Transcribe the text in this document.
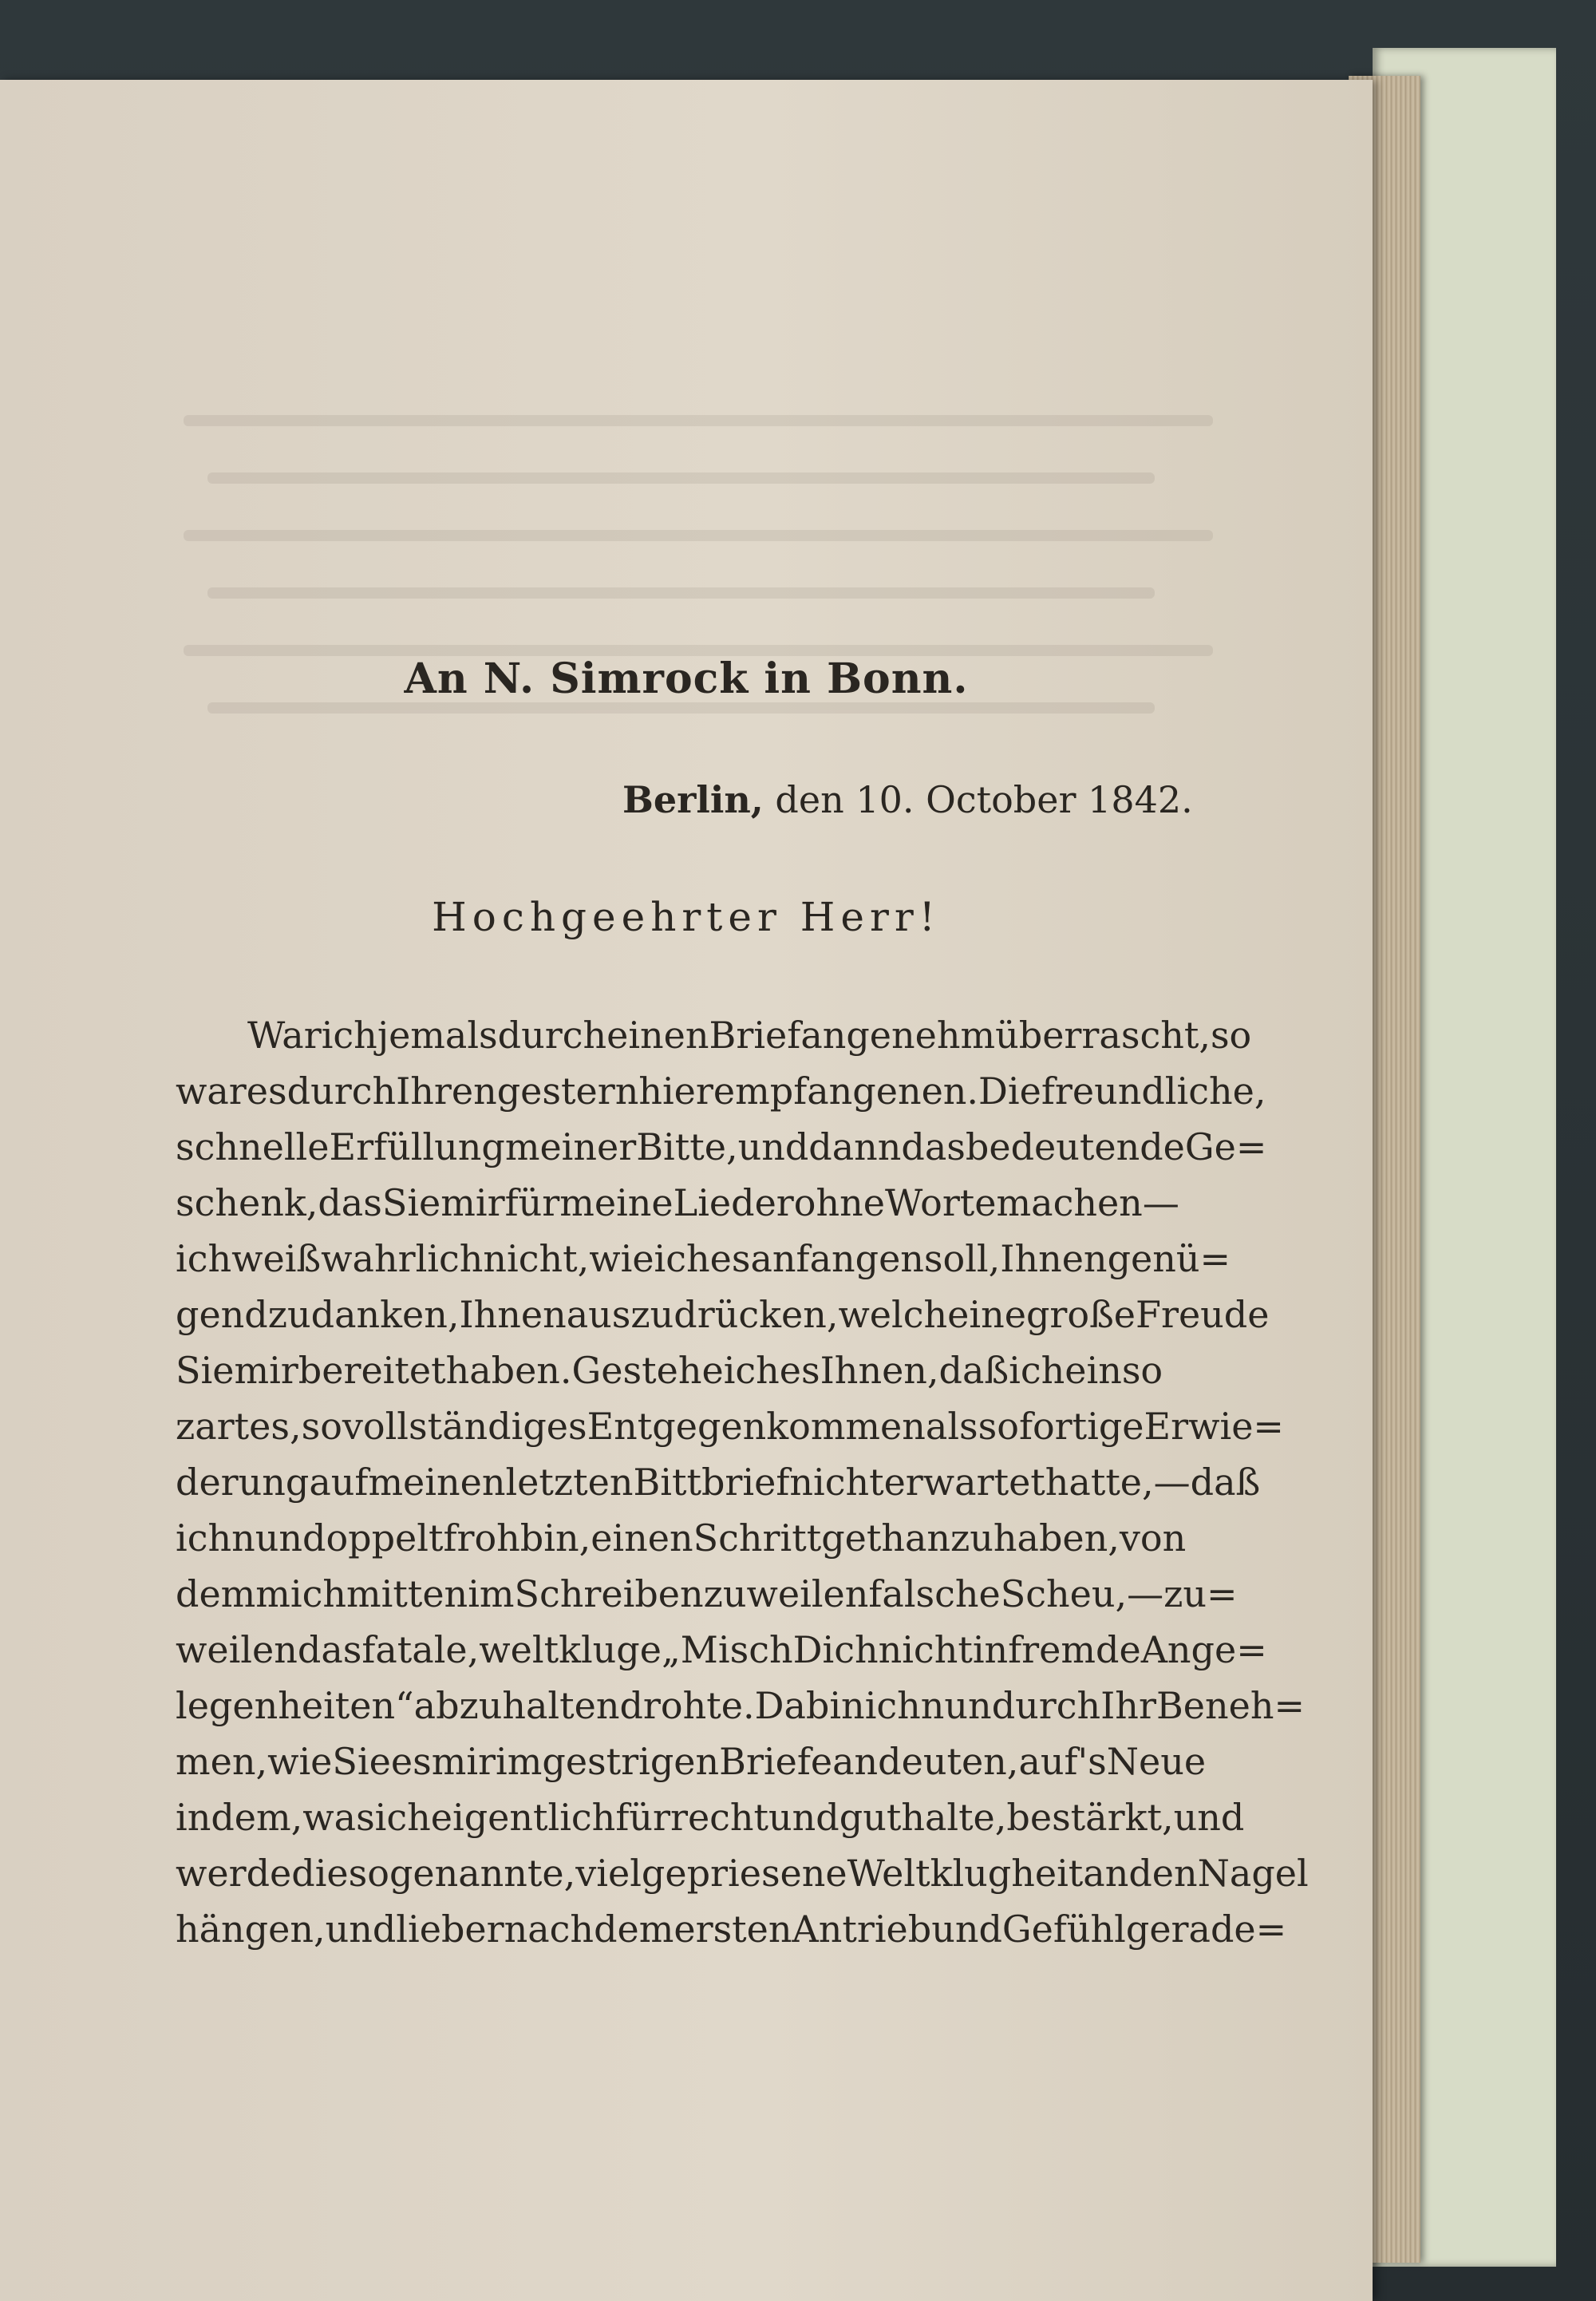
An N. Simrock in Bonn.
Berlin, den 10. October 1842.
Hochgeehrter Herr!
War ich jemals durch einen Brief angenehm überrascht, so
war es durch Ihren gestern hier empfangenen. Die freundliche,
schnelle Erfüllung meiner Bitte, und dann das bedeutende Ge=
schenk, das Sie mir für meine Lieder ohne Worte machen —
ich weiß wahrlich nicht, wie ich es anfangen soll, Ihnen genü=
gend zu danken, Ihnen auszudrücken, welch eine große Freude
Sie mir bereitet haben. Gestehe ich es Ihnen, daß ich ein so
zartes, so vollständiges Entgegenkommen als sofortige Erwie=
derung auf meinen letzten Bittbrief nicht erwartet hatte, — daß
ich nun doppelt froh bin, einen Schritt gethan zu haben, von
dem mich mitten im Schreiben zuweilen falsche Scheu, — zu=
weilen das fatale, weltkluge „Misch Dich nicht in fremde Ange=
legenheiten“ abzuhalten drohte. Da bin ich nun durch Ihr Beneh=
men, wie Sie es mir im gestrigen Briefe andeuten, auf's Neue
in dem, was ich eigentlich für recht und gut halte, bestärkt, und
werde die sogenannte, vielgepriesene Weltklugheit an den Nagel
hängen, und lieber nach dem ersten Antrieb und Gefühl gerade=
